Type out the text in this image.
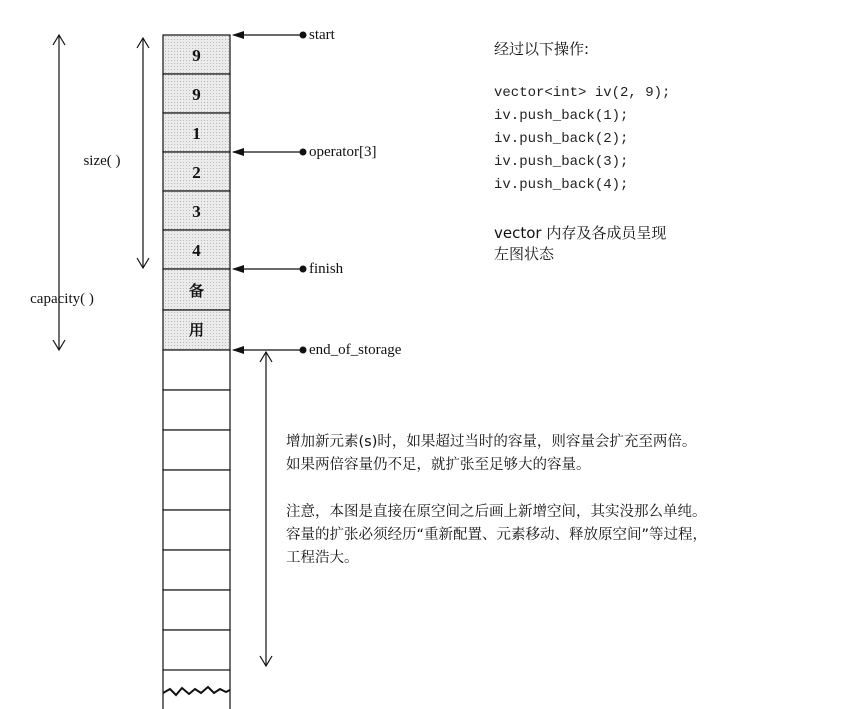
9
9
1
2
3
4
备
用
size( )
capacity( )
start
operator[3]
finish
end_of_storage
经过以下操作:
vector<int> iv(2, 9);
iv.push_back(1);
iv.push_back(2);
iv.push_back(3);
iv.push_back(4);
vector 内存及各成员呈现
左图状态
增加新元素(s)时，如果超过当时的容量，则容量会扩充至两倍。
如果两倍容量仍不足，就扩张至足够大的容量。
注意，本图是直接在原空间之后画上新增空间，其实没那么单纯。
容量的扩张必须经历“重新配置、元素移动、释放原空间”等过程，
工程浩大。
